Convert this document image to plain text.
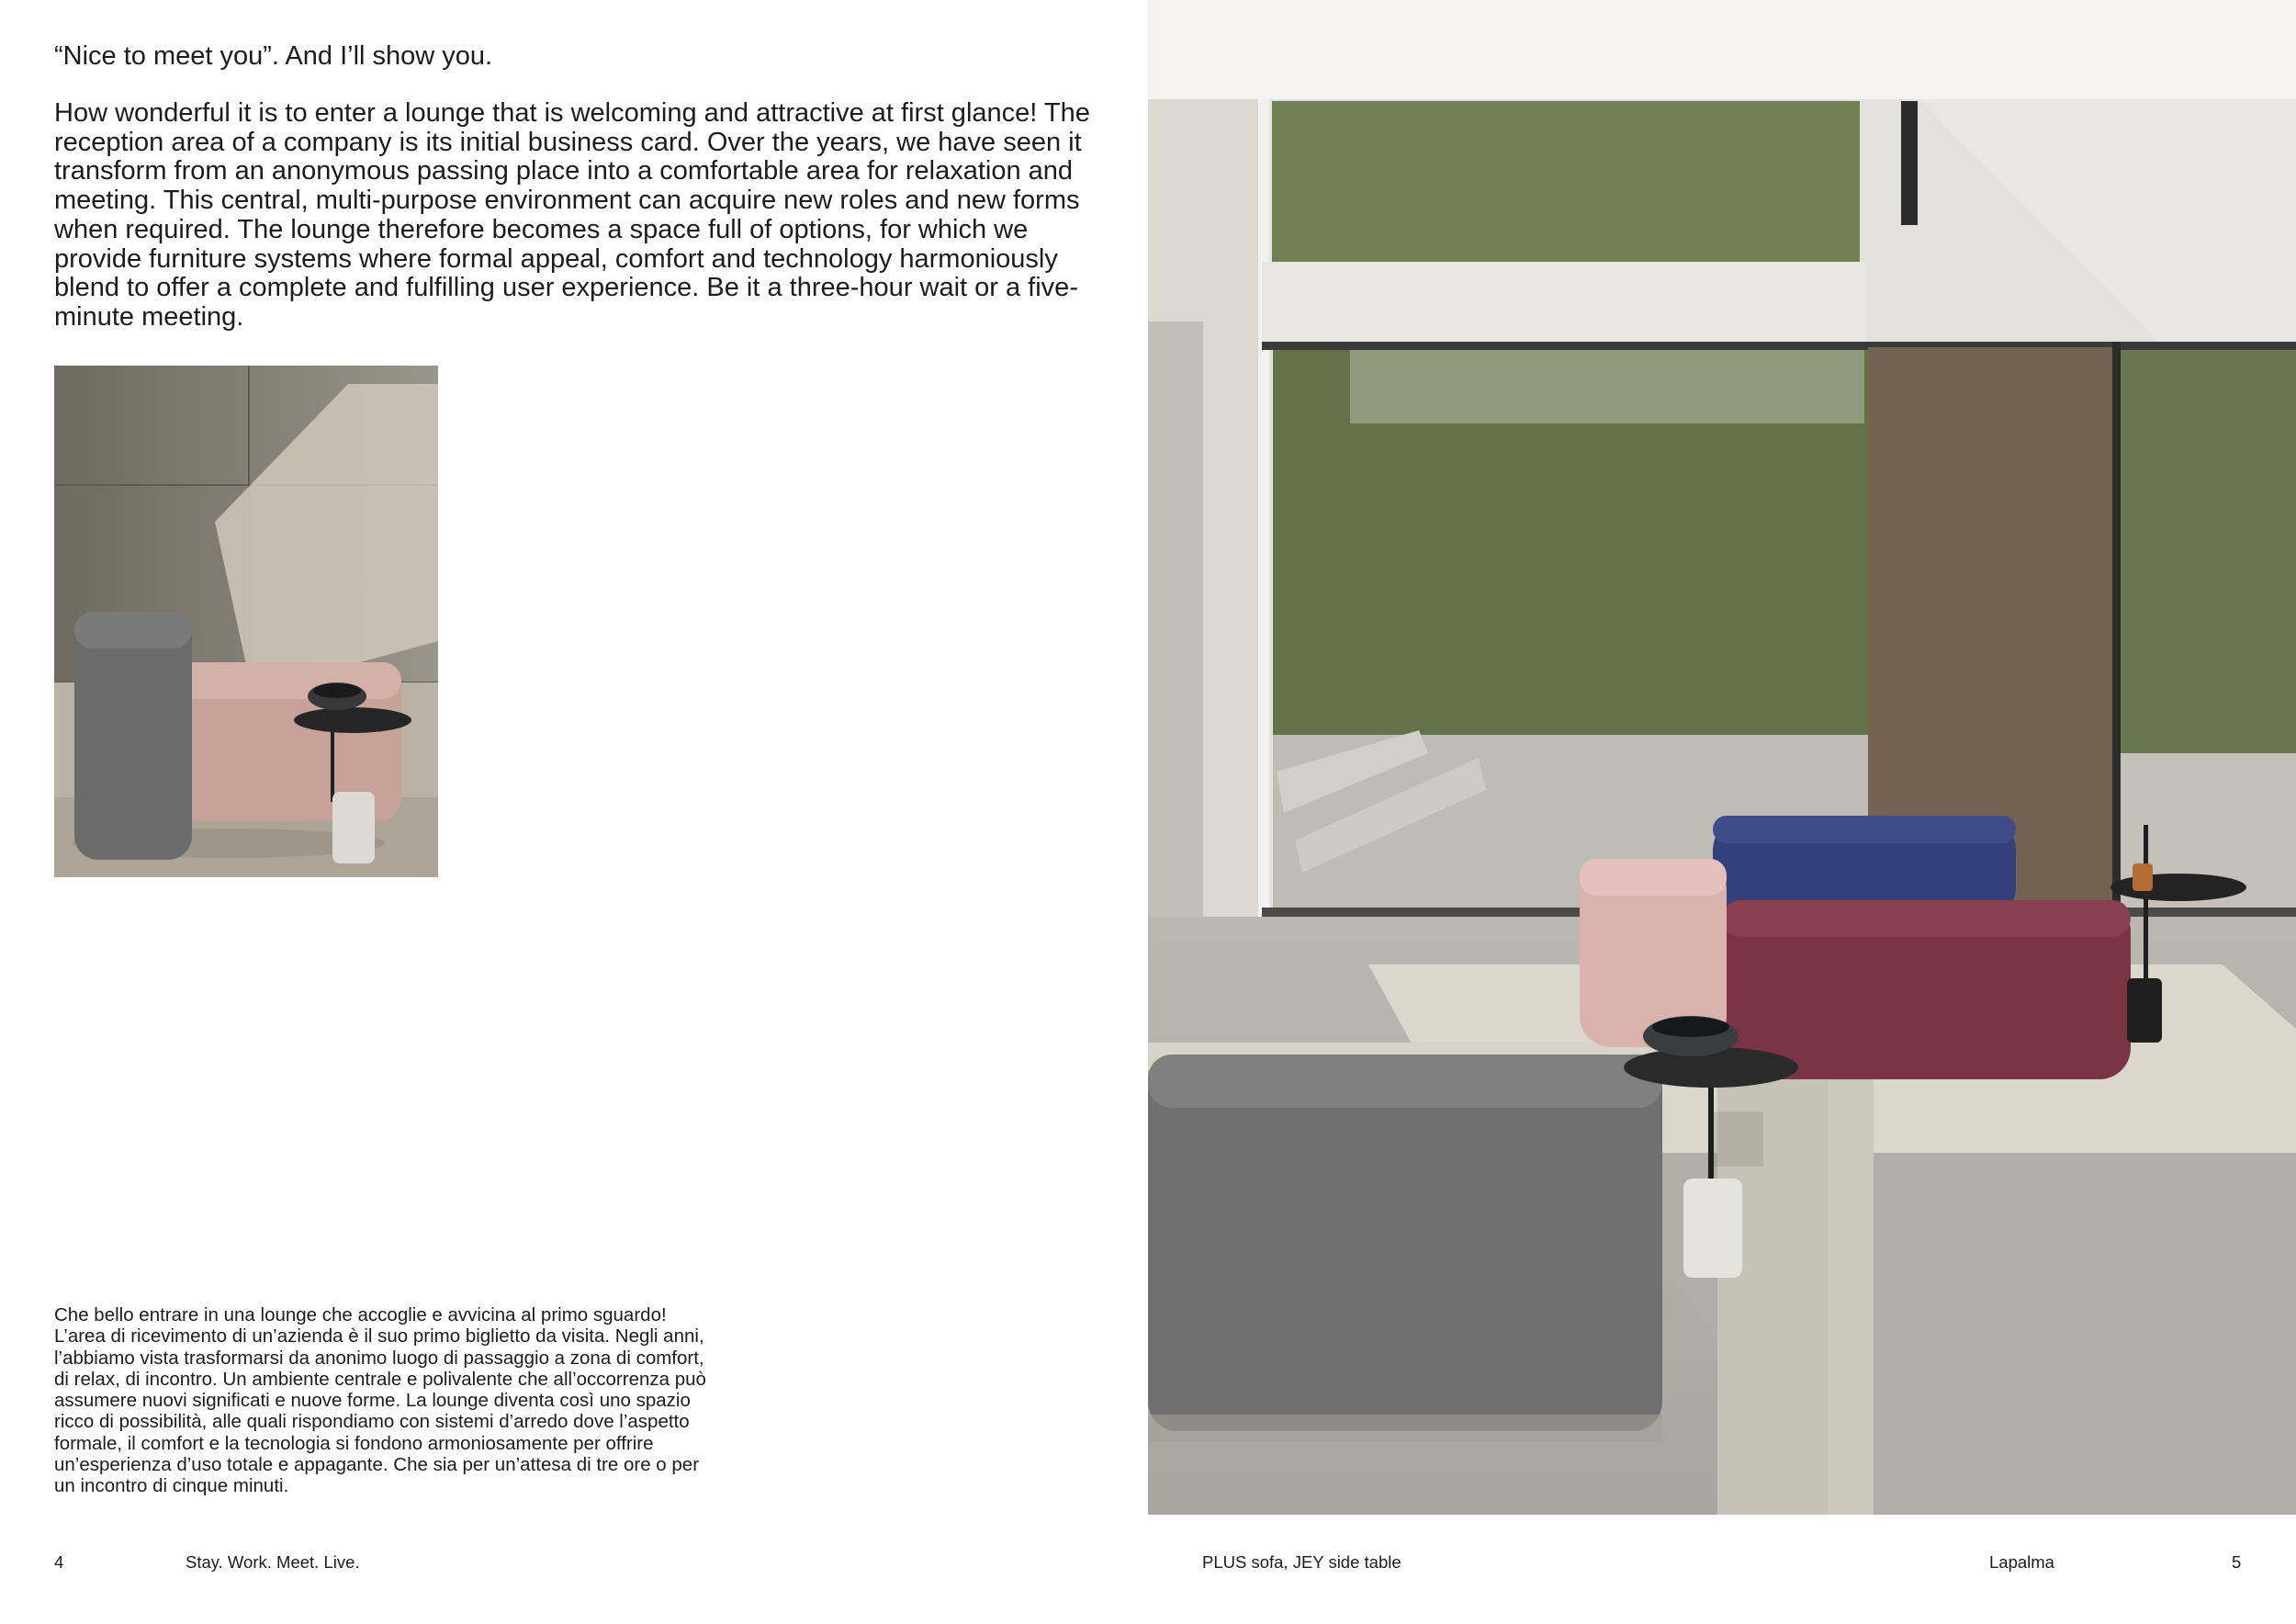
“Nice to meet you”. And I’ll show you.

How wonderful it is to enter a lounge that is welcoming and attractive at first glance! The reception area of a company is its initial business card. Over the years, we have seen it transform from an anonymous passing place into a comfortable area for relaxation and meeting. This central, multi-purpose environment can acquire new roles and new forms when required. The lounge therefore becomes a space full of options, for which we provide furniture systems where formal appeal, comfort and technology harmoniously blend to offer a complete and fulfilling user experience. Be it a three-hour wait or a five-minute meeting.

Che bello entrare in una lounge che accoglie e avvicina al primo sguardo! L’area di ricevimento di un’azienda è il suo primo biglietto da visita. Negli anni, l’abbiamo vista trasformarsi da anonimo luogo di passaggio a zona di comfort, di relax, di incontro. Un ambiente centrale e polivalente che all’occorrenza può assumere nuovi significati e nuove forme. La lounge diventa così uno spazio ricco di possibilità, alle quali rispondiamo con sistemi d’arredo dove l’aspetto formale, il comfort e la tecnologia si fondono armoniosamente per offrire un’esperienza d’uso totale e appagante. Che sia per un’attesa di tre ore o per un incontro di cinque minuti.

4	Stay. Work. Meet. Live.	PLUS sofa, JEY side table	Lapalma	5
